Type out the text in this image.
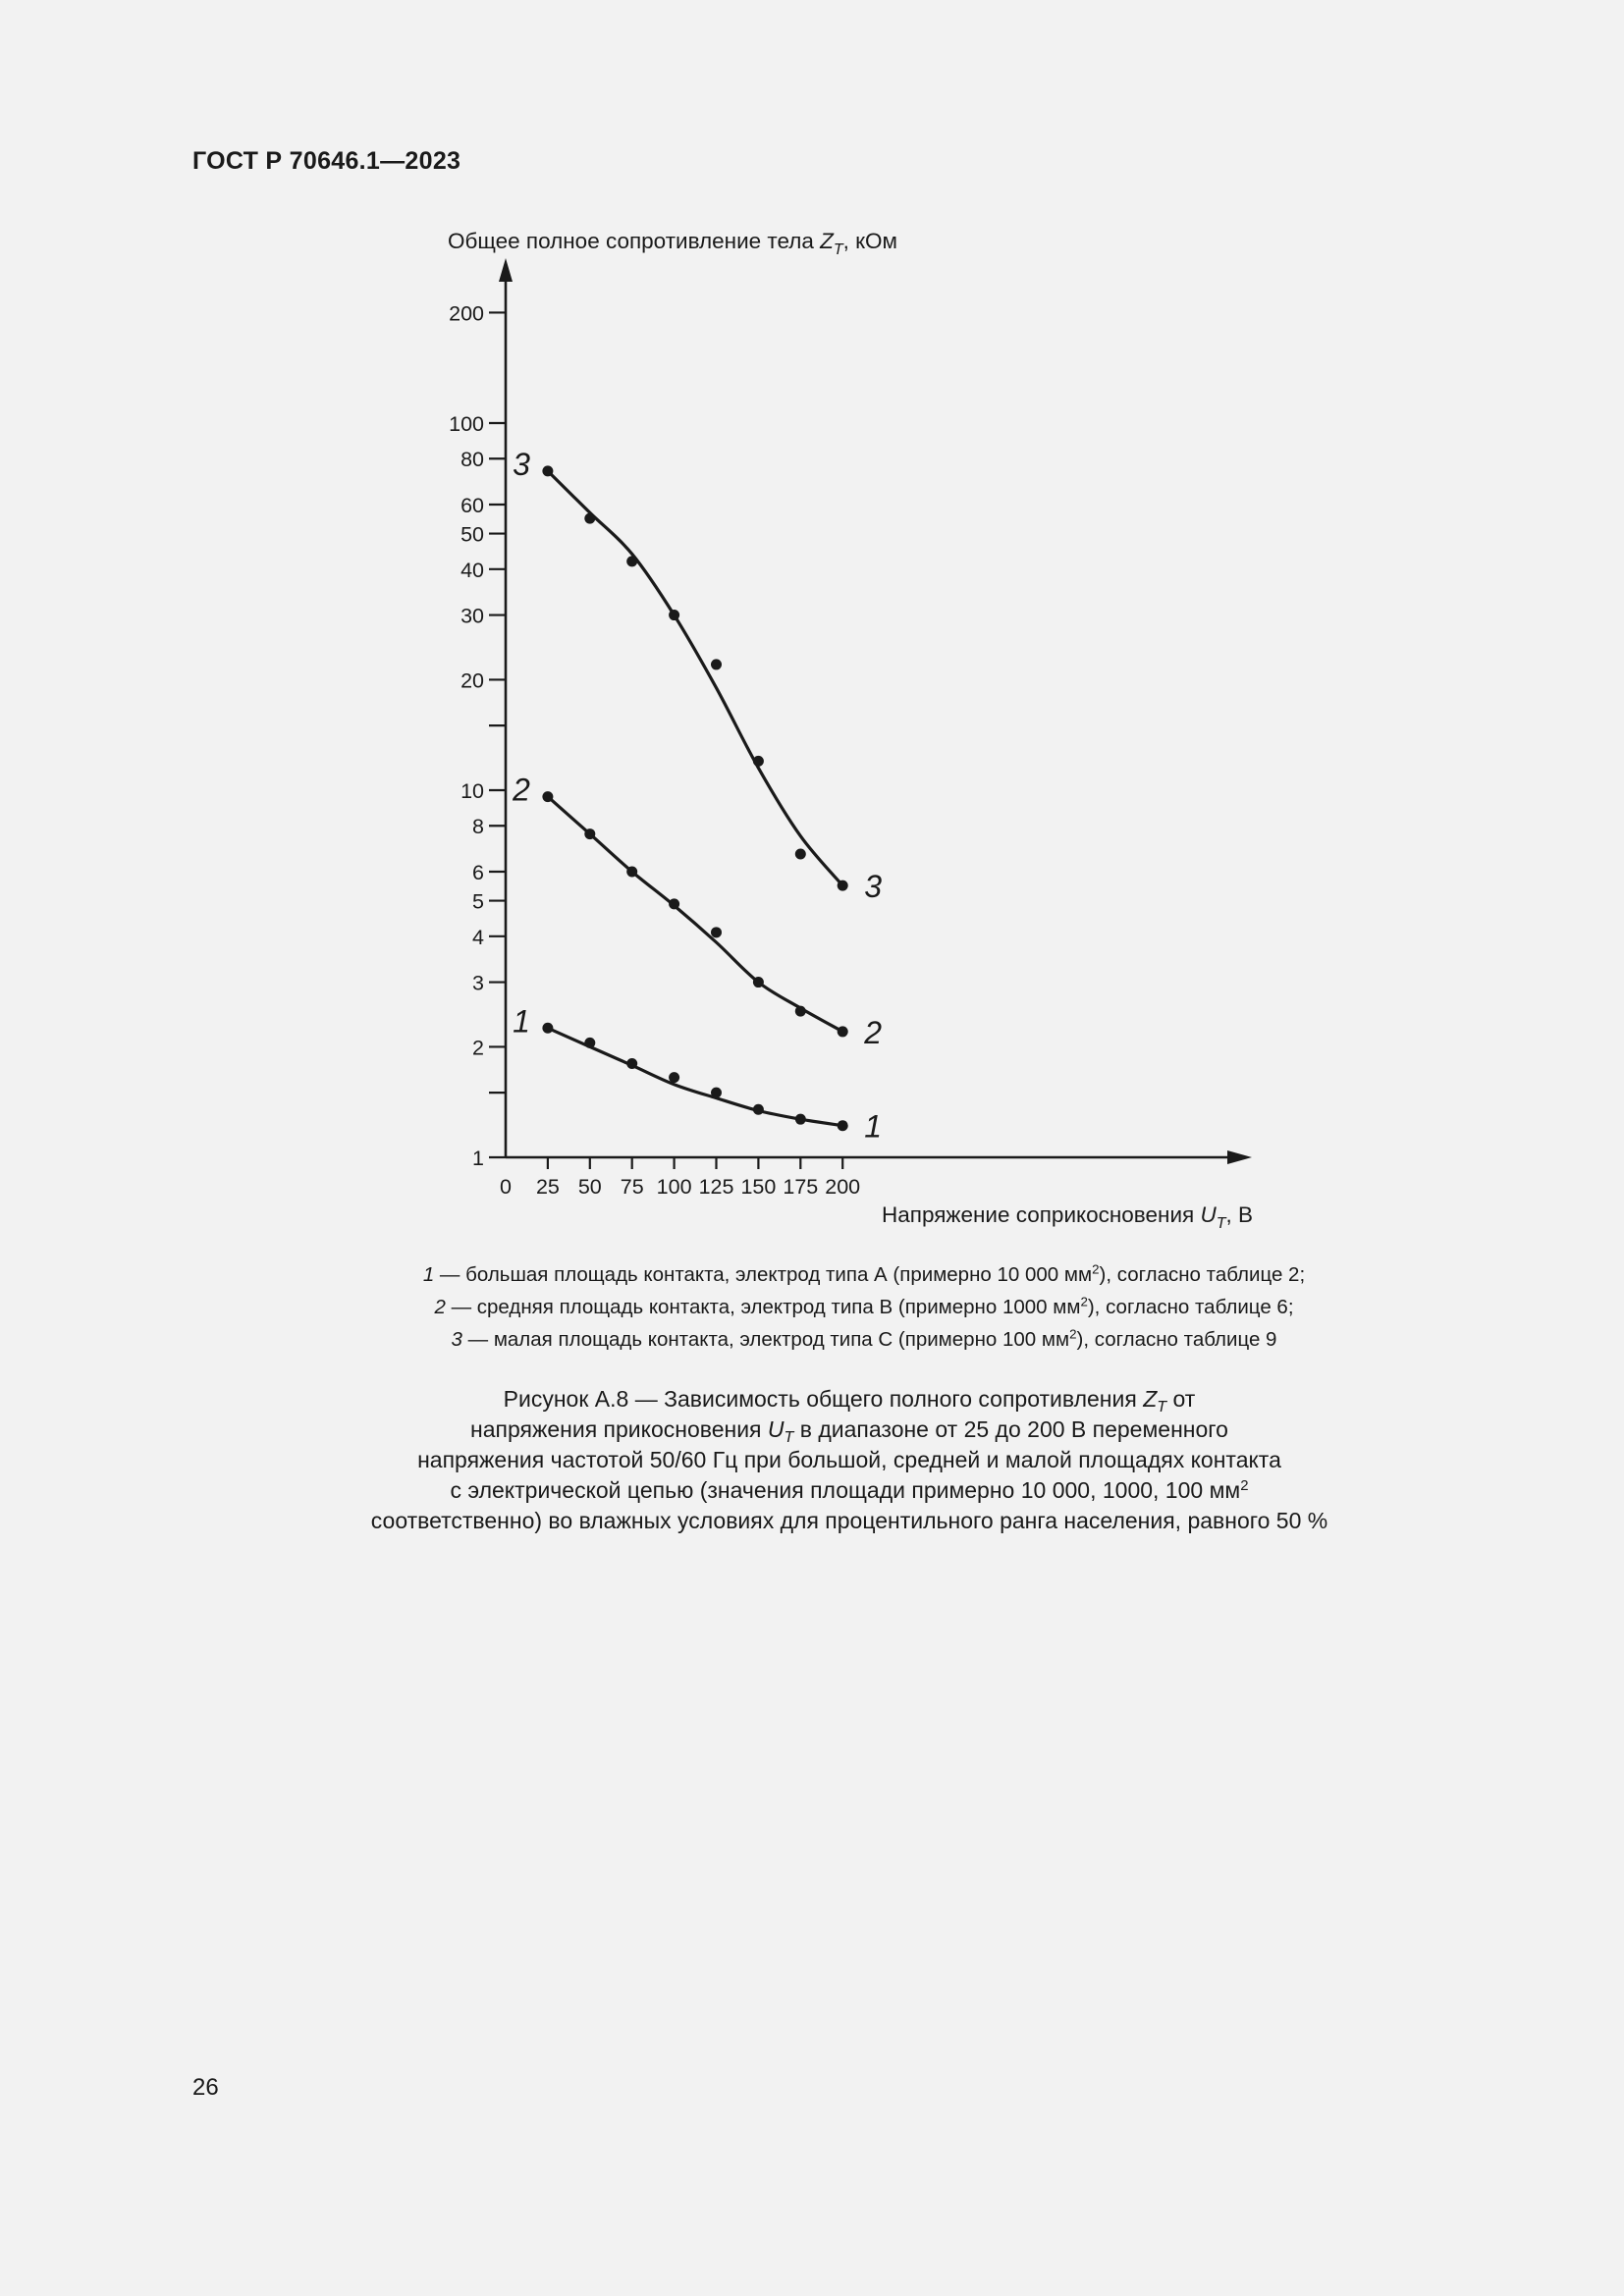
ГОСТ Р 70646.1—2023
Общее полное сопротивление тела $Z_T$, кОм
1
2
3
4
5
6
8
10
20
30
40
50
60
80
100
200
0 25 50 75 100 125 150 175 200
1
1
2
2
3
3
Напряжение соприкосновения $U_T$, В
1 — большая площадь контакта, электрод типа А (примерно 10 000 $мм^2$), согласно таблице 2;
2 — средняя площадь контакта, электрод типа В (примерно 1000 $мм^2$), согласно таблице 6;
3 — малая площадь контакта, электрод типа С (примерно 100 $мм^2$), согласно таблице 9
Рисунок А.8 — Зависимость общего полного сопротивления $Z_T$ от
напряжения прикосновения $U_T$ в диапазоне от 25 до 200 В переменного
напряжения частотой 50/60 Гц при большой, средней и малой площадях контакта
с электрической цепью (значения площади примерно 10 000, 1000, 100 $мм^2$
соответственно) во влажных условиях для процентильного ранга населения, равного 50 %
26
